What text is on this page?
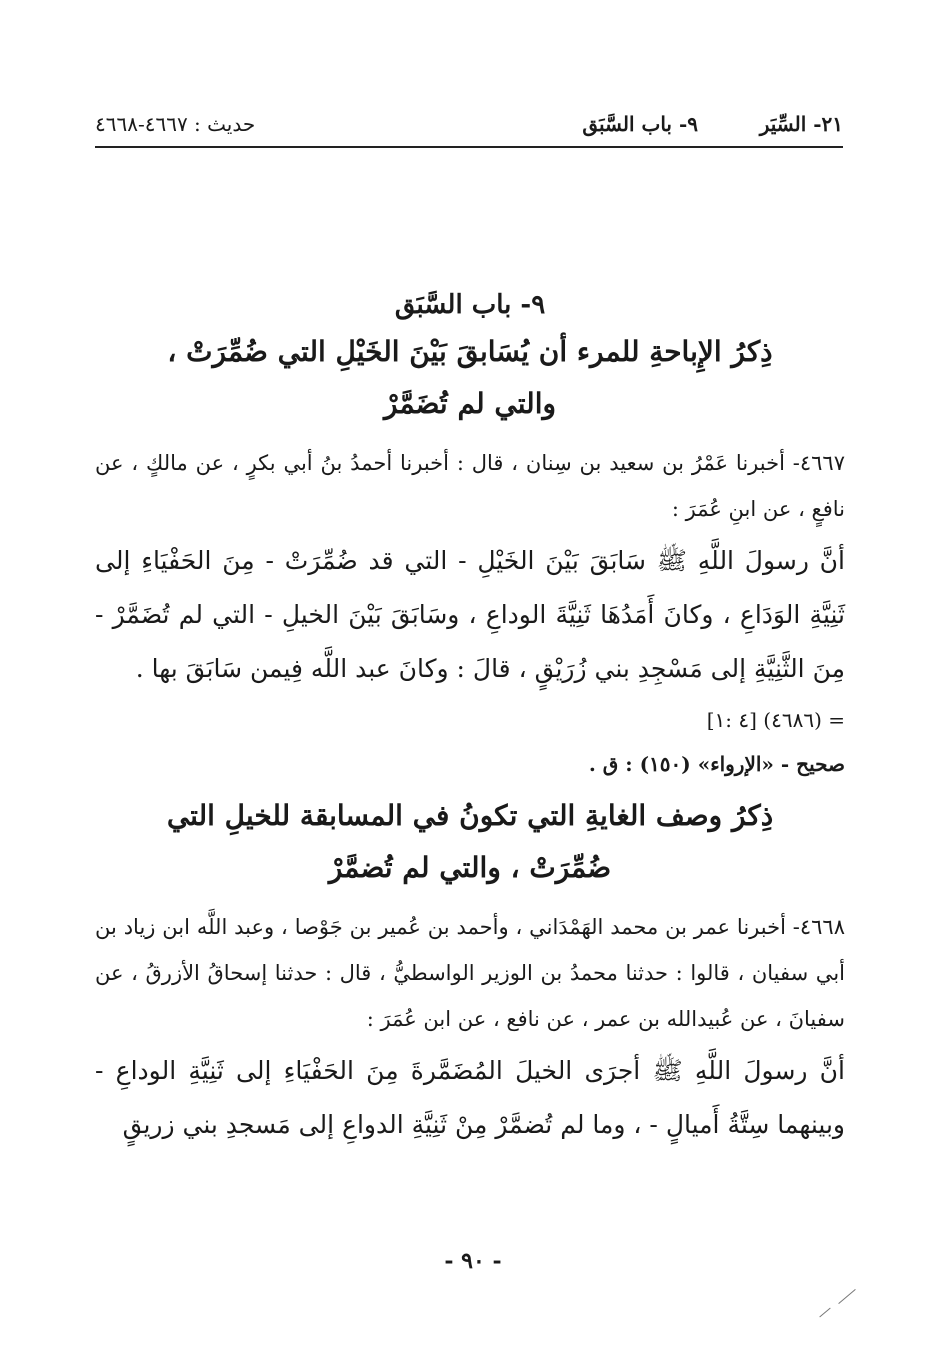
٢١- السِّيَر
٩- باب السَّبَق
حديث : ٤٦٦٧-٤٦٦٨

٩- باب السَّبَق

ذِكرُ الإِباحةِ للمرء أن يُسَابقَ بَيْنَ الخَيْلِ التي ضُمِّرَتْ ،

والتي لم تُضَمَّرْ

٤٦٦٧- أخبرنا عَمْرُ بن سعيد بن سِنان ، قال : أخبرنا أحمدُ بنُ أبي بكرٍ ، عن مالكٍ ، عن نافعٍ ، عن ابنِ عُمَرَ :

أنَّ رسولَ اللَّهِ ﷺ سَابَقَ بَيْنَ الخَيْلِ - التي قد ضُمِّرَتْ - مِنَ الحَفْيَاءِ إلى ثَنِيَّةِ الوَدَاعِ ، وكانَ أَمَدُهَا ثَنِيَّةَ الوداعِ ، وسَابَقَ بَيْنَ الخيلِ - التي لم تُضَمَّرْ - مِنَ الثَّنِيَّةِ إلى مَسْجِدِ بني زُرَيْقٍ ، قالَ : وكانَ عبد اللَّه فِيمن سَابَقَ بها .

= (٤٦٨٦) [٤ :١]

صحيح - «الإرواء» (١٥٠) : ق .

ذِكرُ وصف الغايةِ التي تكونُ في المسابقة للخيلِ التي

ضُمِّرَتْ ، والتي لم تُضمَّرْ

٤٦٦٨- أخبرنا عمر بن محمد الهَمْدَاني ، وأحمد بن عُمير بن جَوْصا ، وعبد اللَّه ابن زياد بن أبي سفيان ، قالوا : حدثنا محمدُ بن الوزير الواسطيُّ ، قال : حدثنا إسحاقُ الأزرقُ ، عن سفيانَ ، عن عُبيدالله بن عمر ، عن نافع ، عن ابن عُمَرَ :

أنَّ رسولَ اللَّهِ ﷺ أجرَى الخيلَ المُضَمَّرةَ مِنَ الحَفْيَاءِ إلى ثَنِيَّةِ الوداعِ - وبينهما سِتَّةُ أَميالٍ - ، وما لم تُضمَّرْ مِنْ ثَنِيَّةِ الدواعِ إلى مَسجدِ بني زريقٍ

- ٩٠ -
